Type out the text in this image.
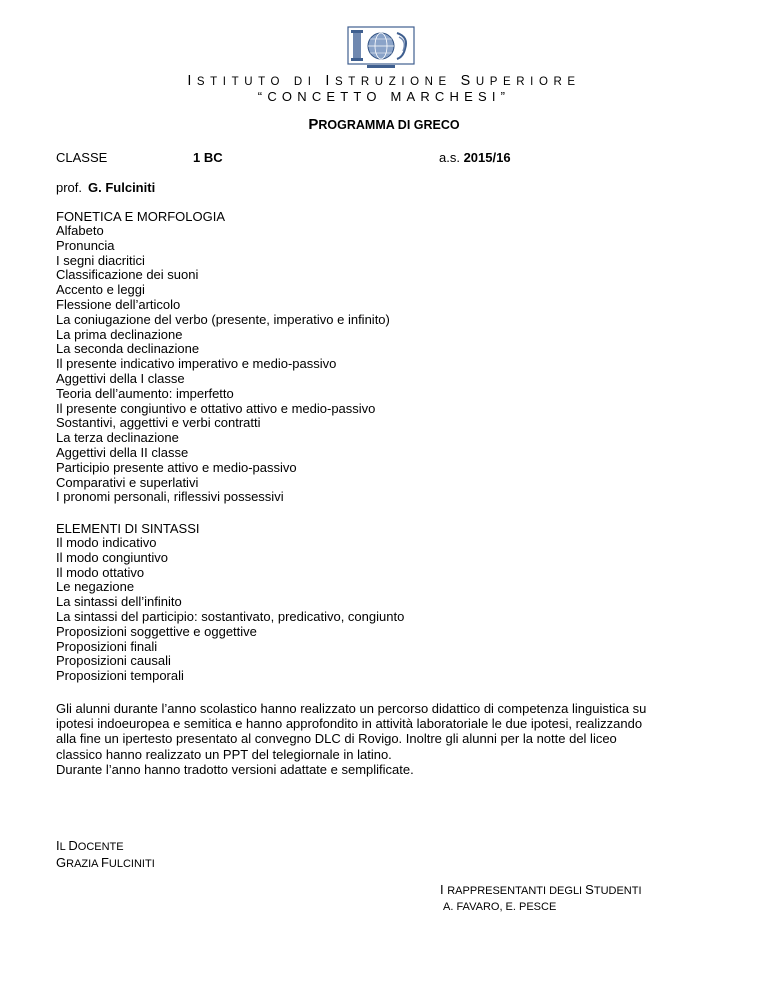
ISTITUTO DI ISTRUZIONE SUPERIORE
“CONCETTO MARCHESI”
PROGRAMMA DI GRECO
CLASSE	1 BC	a.s. 2015/16
prof. G. Fulciniti
FONETICA E MORFOLOGIA
Alfabeto
Pronuncia
I segni diacritici
Classificazione dei suoni
Accento e leggi
Flessione dell’articolo
La coniugazione del verbo (presente, imperativo e infinito)
La prima declinazione
La seconda declinazione
Il presente indicativo imperativo e medio-passivo
Aggettivi della I classe
Teoria dell’aumento: imperfetto
Il presente congiuntivo e ottativo attivo e medio-passivo
Sostantivi, aggettivi e verbi contratti
La terza declinazione
Aggettivi della II classe
Participio presente attivo e medio-passivo
Comparativi e superlativi
I pronomi personali, riflessivi possessivi
ELEMENTI DI SINTASSI
Il modo indicativo
Il modo congiuntivo
Il modo ottativo
Le negazione
La sintassi dell’infinito
La sintassi del participio: sostantivato, predicativo, congiunto
Proposizioni soggettive e oggettive
Proposizioni finali
Proposizioni causali
Proposizioni temporali
Gli alunni durante l’anno scolastico hanno realizzato un percorso didattico di competenza linguistica su
ipotesi indoeuropea e semitica e hanno approfondito in attività laboratoriale le due ipotesi, realizzando
alla fine un ipertesto presentato al convegno DLC di Rovigo. Inoltre gli alunni per la notte del liceo
classico hanno realizzato un PPT del telegiornale in latino.
Durante l’anno hanno tradotto versioni adattate e semplificate.
IL DOCENTE
GRAZIA FULCINITI
I RAPPRESENTANTI DEGLI STUDENTI
A. FAVARO, E. PESCE
